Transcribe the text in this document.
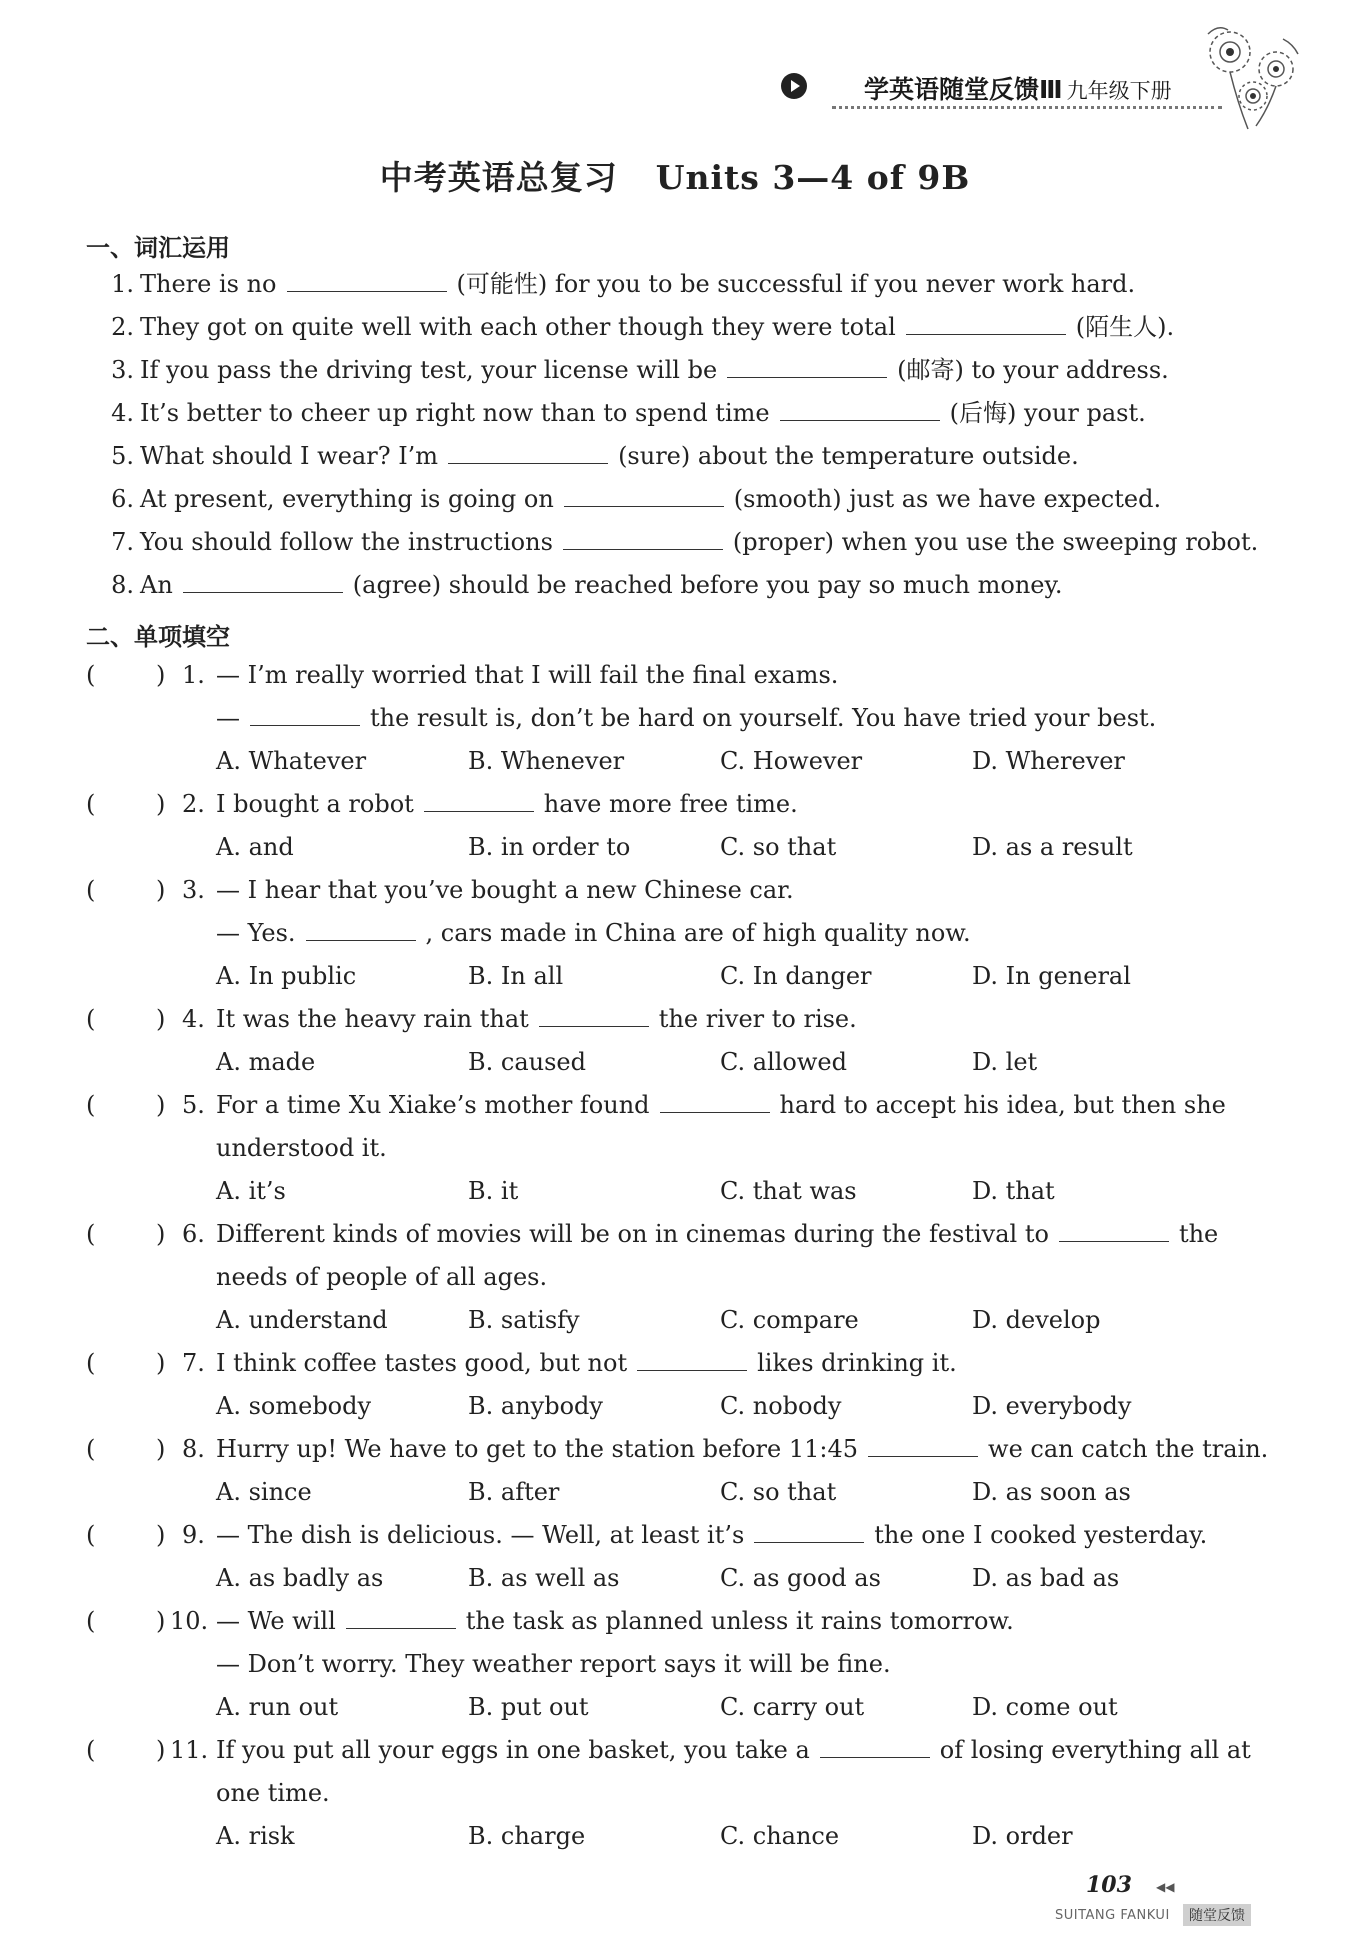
学英语随堂反馈Ⅲ 九年级下册
中考英语总复习 Units 3—4 of 9B
一、词汇运用
1. There is no	(可能性) for you to be successful if you never work hard.
2. They got on quite well with each other though they were total	(陌生人).
3. If you pass the driving test, your license will be	(邮寄) to your address.
4. It’s better to cheer up right now than to spend time	(后悔) your past.
5. What should I wear? I’m	(sure) about the temperature outside.
6. At present, everything is going on	(smooth) just as we have expected.
7. You should follow the instructions	(proper) when you use the sweeping robot.
8. An	(agree) should be reached before you pay so much money.
二、单项填空
(	) 1. — I’m really worried that I will fail the final exams.
—	the result is, don’t be hard on yourself. You have tried your best.
A. Whatever	B. Whenever	C. However	D. Wherever
(	) 2. I bought a robot	have more free time.
A. and	B. in order to	C. so that	D. as a result
(	) 3. — I hear that you’ve bought a new Chinese car.
— Yes.	, cars made in China are of high quality now.
A. In public	B. In all	C. In danger	D. In general
(	) 4. It was the heavy rain that	the river to rise.
A. made	B. caused	C. allowed	D. let
(	) 5. For a time Xu Xiake’s mother found	hard to accept his idea, but then she
understood it.
A. it’s	B. it	C. that was	D. that
(	) 6. Different kinds of movies will be on in cinemas during the festival to	the
needs of people of all ages.
A. understand	B. satisfy	C. compare	D. develop
(	) 7. I think coffee tastes good, but not	likes drinking it.
A. somebody	B. anybody	C. nobody	D. everybody
(	) 8. Hurry up! We have to get to the station before 11:45	we can catch the train.
A. since	B. after	C. so that	D. as soon as
(	) 9. — The dish is delicious. — Well, at least it’s	the one I cooked yesterday.
A. as badly as	B. as well as	C. as good as	D. as bad as
(	) 10. — We will	the task as planned unless it rains tomorrow.
— Don’t worry. They weather report says it will be fine.
A. run out	B. put out	C. carry out	D. come out
(	) 11. If you put all your eggs in one basket, you take a	of losing everything all at
one time.
A. risk	B. charge	C. chance	D. order
103 ◀◀
SUITANG FANKUI	随堂反馈
